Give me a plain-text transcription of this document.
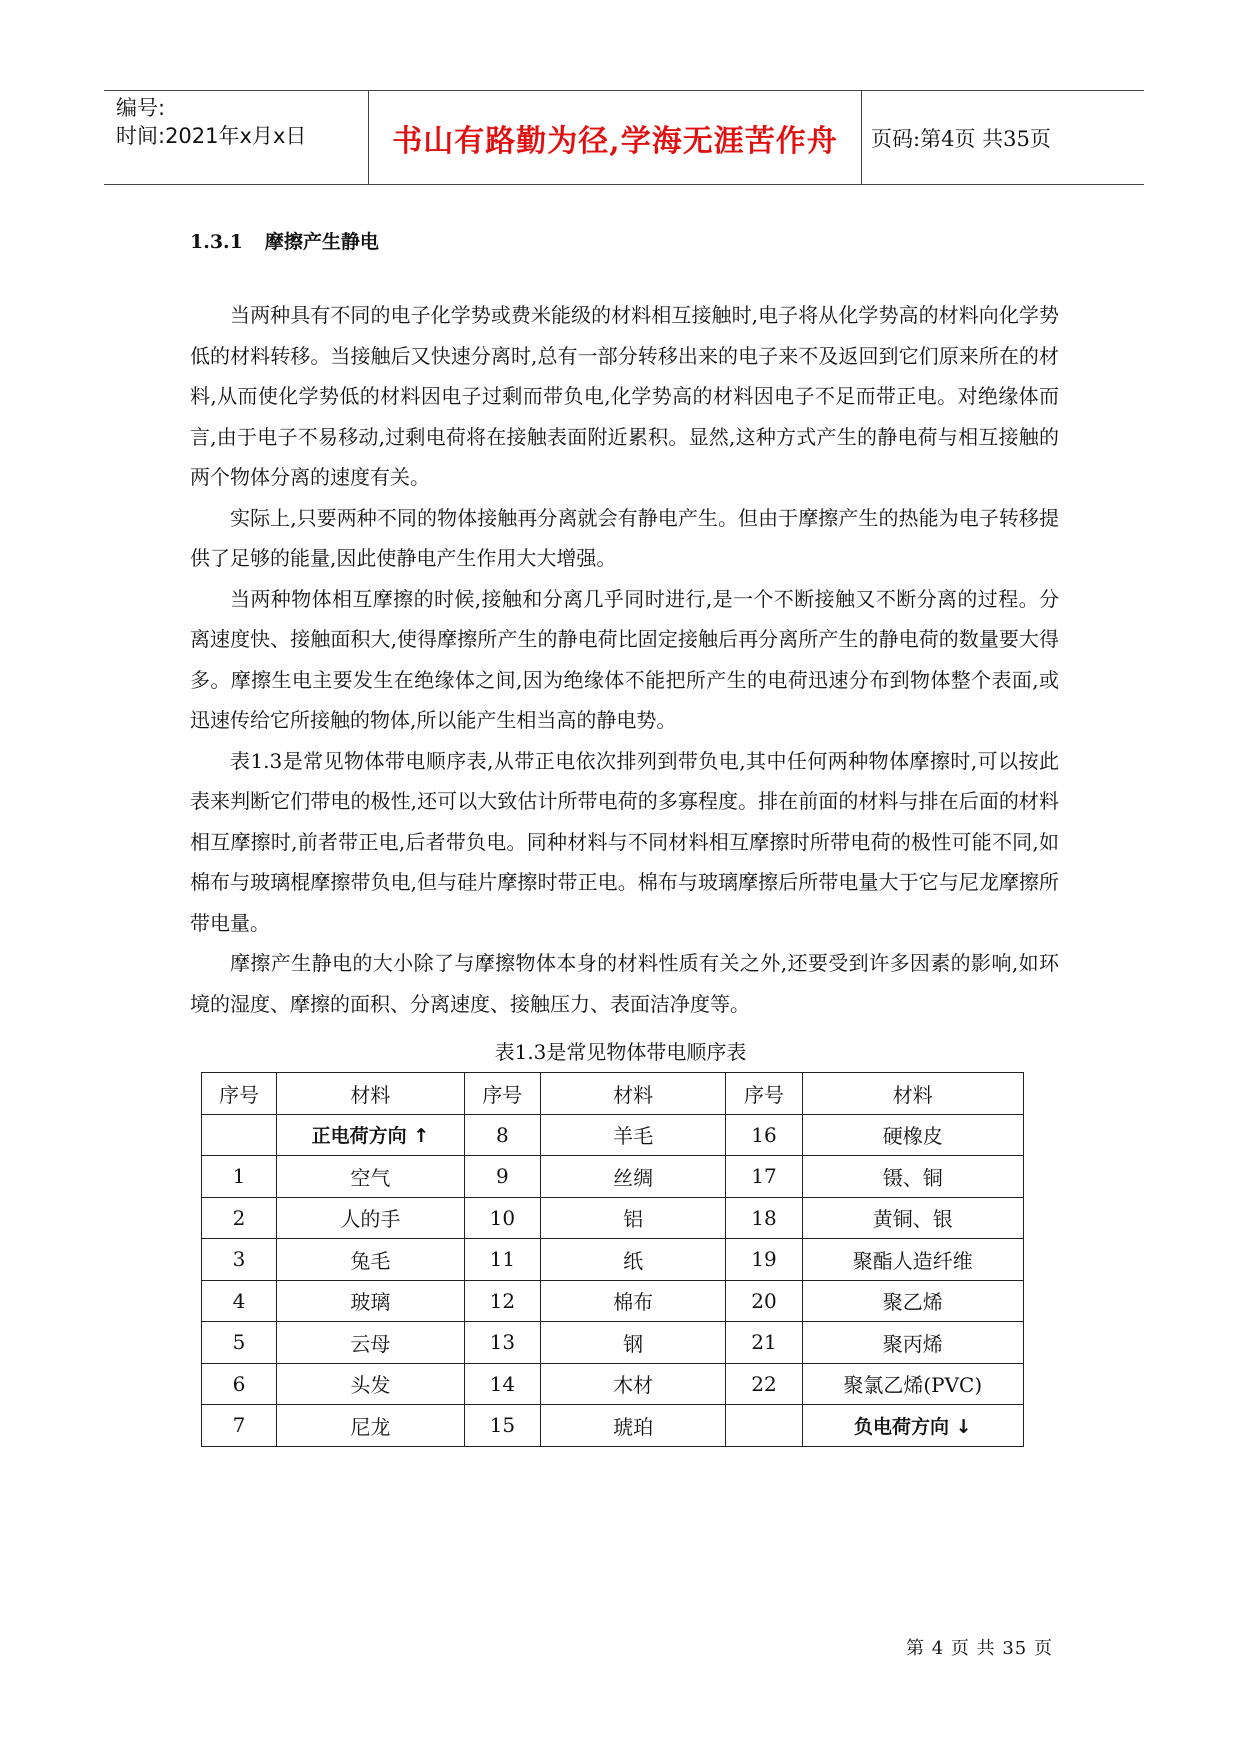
编号:
时间:2021年x月x日	书山有路勤为径,学海无涯苦作舟	页码:第4页 共35页
1.3.1 摩擦产生静电

当两种具有不同的电子化学势或费米能级的材料相互接触时,电子将从化学势高的材料向化学势低的材料转移。当接触后又快速分离时,总有一部分转移出来的电子来不及返回到它们原来所在的材料,从而使化学势低的材料因电子过剩而带负电,化学势高的材料因电子不足而带正电。对绝缘体而言,由于电子不易移动,过剩电荷将在接触表面附近累积。显然,这种方式产生的静电荷与相互接触的两个物体分离的速度有关。

实际上,只要两种不同的物体接触再分离就会有静电产生。但由于摩擦产生的热能为电子转移提供了足够的能量,因此使静电产生作用大大增强。

当两种物体相互摩擦的时候,接触和分离几乎同时进行,是一个不断接触又不断分离的过程。分离速度快、接触面积大,使得摩擦所产生的静电荷比固定接触后再分离所产生的静电荷的数量要大得多。摩擦生电主要发生在绝缘体之间,因为绝缘体不能把所产生的电荷迅速分布到物体整个表面,或迅速传给它所接触的物体,所以能产生相当高的静电势。

表1.3是常见物体带电顺序表,从带正电依次排列到带负电,其中任何两种物体摩擦时,可以按此表来判断它们带电的极性,还可以大致估计所带电荷的多寡程度。排在前面的材料与排在后面的材料相互摩擦时,前者带正电,后者带负电。同种材料与不同材料相互摩擦时所带电荷的极性可能不同,如棉布与玻璃棍摩擦带负电,但与硅片摩擦时带正电。棉布与玻璃摩擦后所带电量大于它与尼龙摩擦所带电量。

摩擦产生静电的大小除了与摩擦物体本身的材料性质有关之外,还要受到许多因素的影响,如环境的湿度、摩擦的面积、分离速度、接触压力、表面洁净度等。

表1.3是常见物体带电顺序表
序号	材料	序号	材料	序号	材料
	正电荷方向 ↑	8	羊毛	16	硬橡皮
1	空气	9	丝绸	17	镊、铜
2	人的手	10	铝	18	黄铜、银
3	兔毛	11	纸	19	聚酯人造纤维
4	玻璃	12	棉布	20	聚乙烯
5	云母	13	钢	21	聚丙烯
6	头发	14	木材	22	聚氯乙烯(PVC)
7	尼龙	15	琥珀		负电荷方向 ↓
第 4 页 共 35 页
